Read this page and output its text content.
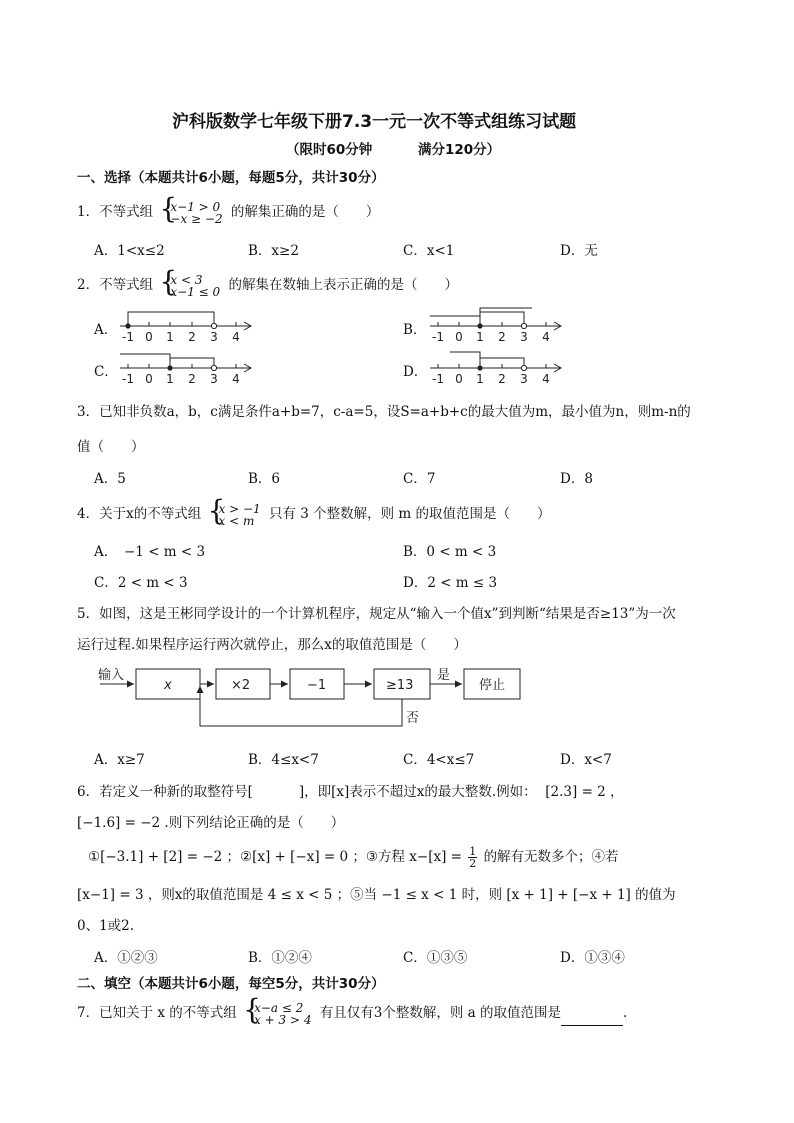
沪科版数学七年级下册7.3一元一次不等式组练习试题
（限时60分钟	满分120分）
一、选择（本题共计6小题，每题5分，共计30分）
1．不等式组 { x−1 > 0
−x ≥ −2 的解集正确的是（　　）
A．1<x≤2	B．x≥2	C．x<1	D．无
2．不等式组 { x < 3
x−1 ≤ 0 的解集在数轴上表示正确的是（　　）
A．	B．
C．	D．
-1 0 1 2 3 4	-1 0 1 2 3 4
-1 0 1 2 3 4	-1 0 1 2 3 4
3．已知非负数a，b，c满足条件a+b=7，c-a=5，设S=a+b+c的最大值为m，最小值为n，则m-n的
值（　　）
A．5	B．6	C．7	D．8
4．关于x的不等式组 { x > −1
x < m	只有 3 个整数解，则 m 的取值范围是（　　）
A．　−1 < m < 3	B．0 < m < 3
C．2 < m < 3	D．2 < m ≤ 3
5．如图，这是王彬同学设计的一个计算机程序，规定从“输入一个值x”到判断“结果是否≥13”为一次
运行过程.如果程序运行两次就停止，那么x的取值范围是（　　）
输入
x	×2	−1	≥13
是
否
停止
A．x≥7	B．4≤x<7	C．4<x≤7	D．x<7
6．若定义一种新的取整符号[	]，即[x]表示不超过x的最大整数.例如： [2.3] = 2 ，
[−1.6] = −2 .则下列结论正确的是（　　）
①[−3.1] + [2] = −2 ；②[x] + [−x] = 0 ；③方程 $x-[x] = \frac{1}{2}$ 的解有无数多个；④若
[x−1] = 3 ，则x的取值范围是 4 ≤ x < 5 ；⑤当 −1 ≤ x < 1 时，则 [x + 1] + [−x + 1] 的值为
0、1或2.
A．①②③	B．①②④	C．①③⑤	D．①③④
二、填空（本题共计6小题，每空5分，共计30分）
7．已知关于 x 的不等式组 { x−a ≤ 2
x + 3 > 4 有且仅有3个整数解，则 a 的取值范围是	.
